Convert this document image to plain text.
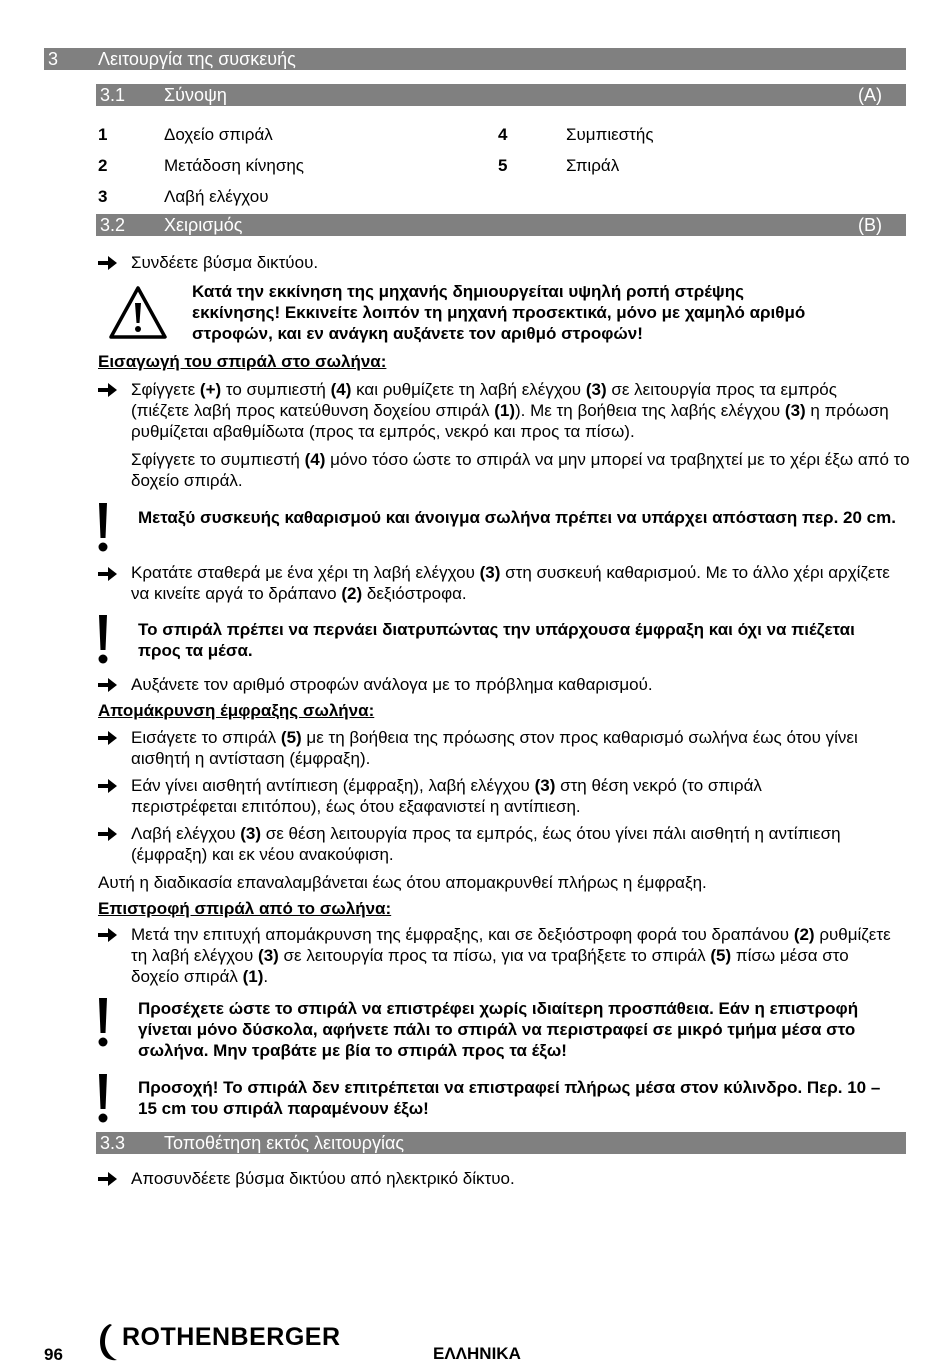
3 Λειτουργία της συσκευής
3.1 Σύνοψη	(A)
1	Δοχείο σπιράλ
2	Μετάδοση κίνησης
3	Λαβή ελέγχου
4	Συμπιεστής
5	Σπιράλ
3.2 Χειρισμός	(B)
Συνδέετε βύσμα δικτύου.
Κατά την εκκίνηση της μηχανής δημιουργείται υψηλή ροπή στρέψης
εκκίνησης! Εκκινείτε λοιπόν τη μηχανή προσεκτικά, μόνο με χαμηλό αριθμό
στροφών, και εν ανάγκη αυξάνετε τον αριθμό στροφών!
Εισαγωγή του σπιράλ στο σωλήνα:
Σφίγγετε (+) το συμπιεστή (4) και ρυθμίζετε τη λαβή ελέγχου (3) σε λειτουργία προς τα εμπρός (πιέζετε λαβή προς κατεύθυνση δοχείου σπιράλ (1)). Με τη βοήθεια της λαβής ελέγχου (3) η πρόωση ρυθμίζεται αβαθμίδωτα (προς τα εμπρός, νεκρό και προς τα πίσω).
Σφίγγετε το συμπιεστή (4) μόνο τόσο ώστε το σπιράλ να μην μπορεί να τραβηχτεί με το χέρι έξω από το δοχείο σπιράλ.
Μεταξύ συσκευής καθαρισμού και άνοιγμα σωλήνα πρέπει να υπάρχει απόσταση περ. 20 cm.
Κρατάτε σταθερά με ένα χέρι τη λαβή ελέγχου (3) στη συσκευή καθαρισμού. Με το άλλο χέρι αρχίζετε να κινείτε αργά το δράπανο (2) δεξιόστροφα.
Το σπιράλ πρέπει να περνάει διατρυπώντας την υπάρχουσα έμφραξη και όχι να πιέζεται προς τα μέσα.
Αυξάνετε τον αριθμό στροφών ανάλογα με το πρόβλημα καθαρισμού.
Απομάκρυνση έμφραξης σωλήνα:
Εισάγετε το σπιράλ (5) με τη βοήθεια της πρόωσης στον προς καθαρισμό σωλήνα έως ότου γίνει αισθητή η αντίσταση (έμφραξη).
Εάν γίνει αισθητή αντίπιεση (έμφραξη), λαβή ελέγχου (3) στη θέση νεκρό (το σπιράλ περιστρέφεται επιτόπου), έως ότου εξαφανιστεί η αντίπιεση.
Λαβή ελέγχου (3) σε θέση λειτουργία προς τα εμπρός, έως ότου γίνει πάλι αισθητή η αντίπιεση (έμφραξη) και εκ νέου ανακούφιση.
Αυτή η διαδικασία επαναλαμβάνεται έως ότου απομακρυνθεί πλήρως η έμφραξη.
Επιστροφή σπιράλ από το σωλήνα:
Μετά την επιτυχή απομάκρυνση της έμφραξης, και σε δεξιόστροφη φορά του δραπάνου (2) ρυθμίζετε τη λαβή ελέγχου (3) σε λειτουργία προς τα πίσω, για να τραβήξετε το σπιράλ (5) πίσω μέσα στο δοχείο σπιράλ (1).
Προσέχετε ώστε το σπιράλ να επιστρέφει χωρίς ιδιαίτερη προσπάθεια. Εάν η επιστροφή γίνεται μόνο δύσκολα, αφήνετε πάλι το σπιράλ να περιστραφεί σε μικρό τμήμα μέσα στο σωλήνα. Μην τραβάτε με βία το σπιράλ προς τα έξω!
Προσοχή! Το σπιράλ δεν επιτρέπεται να επιστραφεί πλήρως μέσα στον κύλινδρο. Περ. 10 – 15 cm του σπιράλ παραμένουν έξω!
3.3 Τοποθέτηση εκτός λειτουργίας
Αποσυνδέετε βύσμα δικτύου από ηλεκτρικό δίκτυο.
96
ROTHENBERGER
ΕΛΛΗΝΙΚΑ
